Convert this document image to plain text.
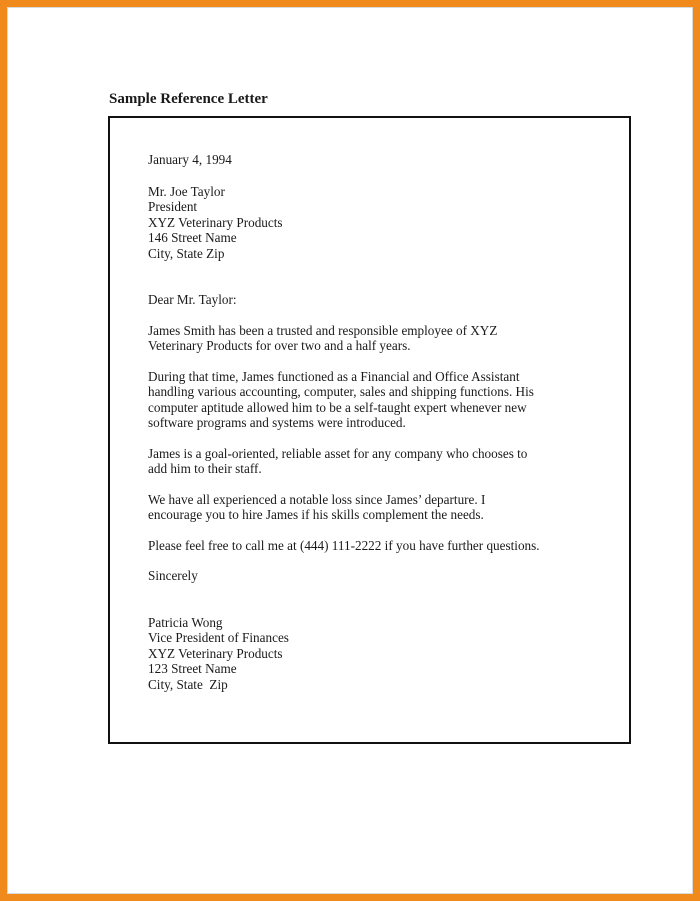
Sample Reference Letter
January 4, 1994
Mr. Joe Taylor
President
XYZ Veterinary Products
146 Street Name
City, State Zip
Dear Mr. Taylor:
James Smith has been a trusted and responsible employee of XYZ
Veterinary Products for over two and a half years.
During that time, James functioned as a Financial and Office Assistant
handling various accounting, computer, sales and shipping functions. His
computer aptitude allowed him to be a self-taught expert whenever new
software programs and systems were introduced.
James is a goal-oriented, reliable asset for any company who chooses to
add him to their staff.
We have all experienced a notable loss since James’ departure. I
encourage you to hire James if his skills complement the needs.
Please feel free to call me at (444) 111-2222 if you have further questions.
Sincerely
Patricia Wong
Vice President of Finances
XYZ Veterinary Products
123 Street Name
City, State  Zip
